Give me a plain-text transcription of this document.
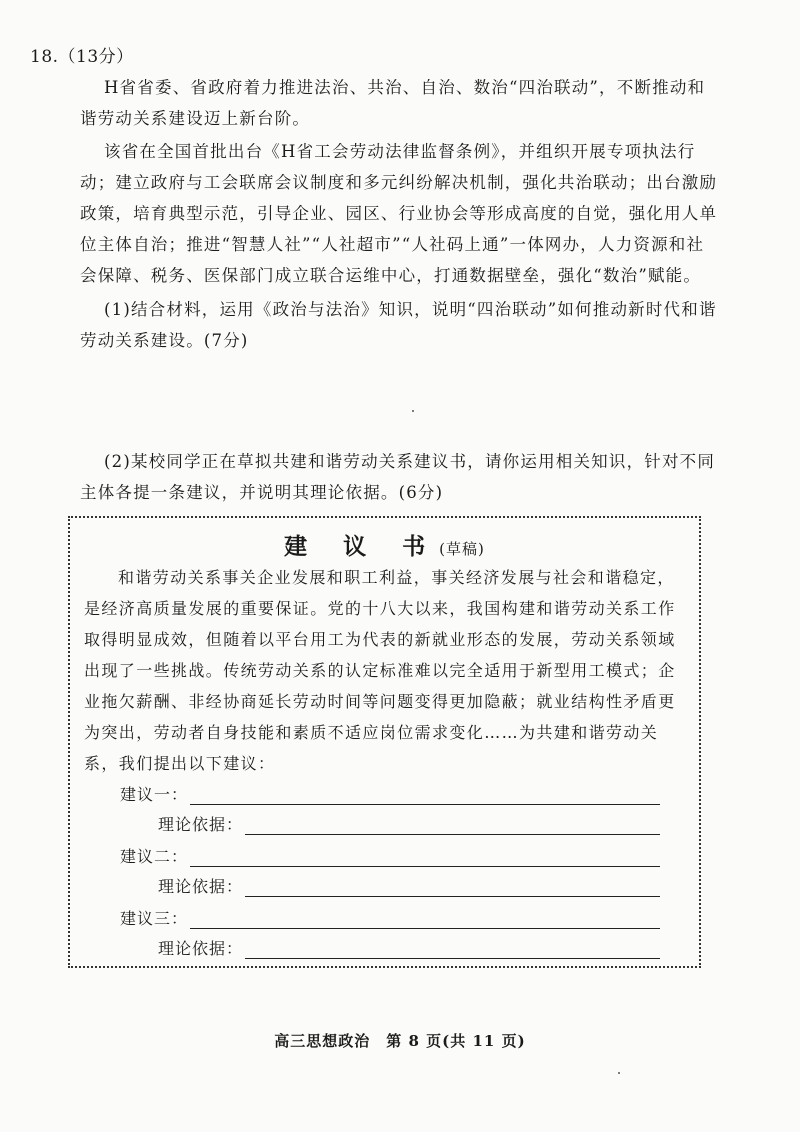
18.（13分）

H省省委、省政府着力推进法治、共治、自治、数治“四治联动”，不断推动和谐劳动关系建设迈上新台阶。

该省在全国首批出台《H省工会劳动法律监督条例》，并组织开展专项执法行动；建立政府与工会联席会议制度和多元纠纷解决机制，强化共治联动；出台激励政策，培育典型示范，引导企业、园区、行业协会等形成高度的自觉，强化用人单位主体自治；推进“智慧人社”“人社超市”“人社码上通”一体网办，人力资源和社会保障、税务、医保部门成立联合运维中心，打通数据壁垒，强化“数治”赋能。

(1)结合材料，运用《政治与法治》知识，说明“四治联动”如何推动新时代和谐劳动关系建设。(7分)

(2)某校同学正在草拟共建和谐劳动关系建议书，请你运用相关知识，针对不同主体各提一条建议，并说明其理论依据。(6分)

建 议 书(草稿)

和谐劳动关系事关企业发展和职工利益，事关经济发展与社会和谐稳定，是经济高质量发展的重要保证。党的十八大以来，我国构建和谐劳动关系工作取得明显成效，但随着以平台用工为代表的新就业形态的发展，劳动关系领域出现了一些挑战。传统劳动关系的认定标准难以完全适用于新型用工模式；企业拖欠薪酬、非经协商延长劳动时间等问题变得更加隐蔽；就业结构性矛盾更为突出，劳动者自身技能和素质不适应岗位需求变化……为共建和谐劳动关系，我们提出以下建议：

建议一：
理论依据：
建议二：
理论依据：
建议三：
理论依据：
高三思想政治　第 8 页(共 11 页)
